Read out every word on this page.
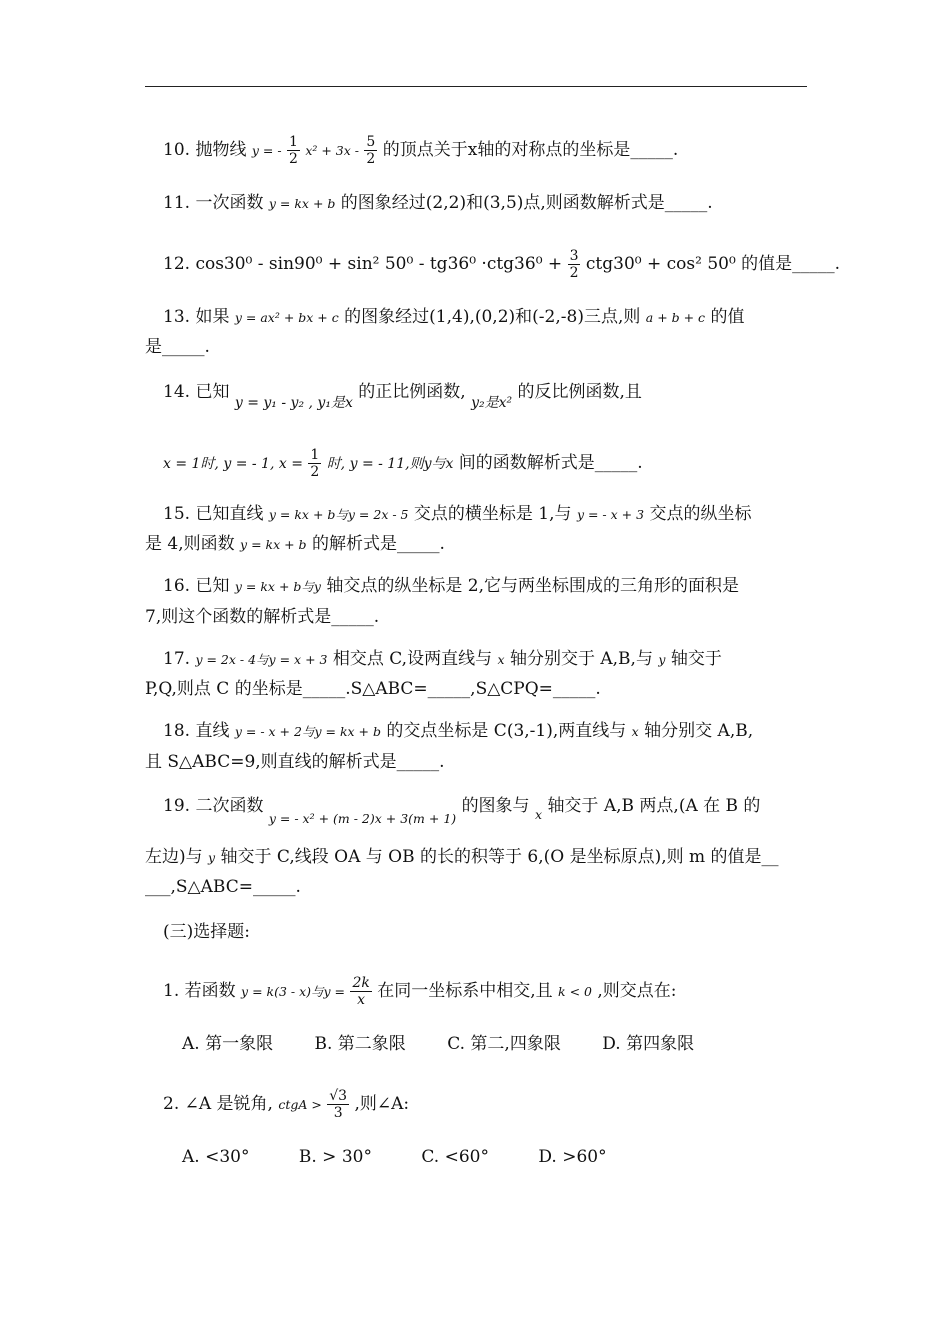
10. 抛物线 y = - $\frac{1}{2} x^2 + 3x - \frac{5}{2}$ 的顶点关于x轴的对称点的坐标是_____.
11. 一次函数 y = kx + b 的图象经过(2,2)和(3,5)点,则函数解析式是_____.
12. cos30⁰ - sin90⁰ + sin² $50^0 - tg36^0 \cdot ctg36^0 + \frac{3}{2} ctg30^0 + \cos^2$ 50⁰ 的值是_____.
13. 如果 y = ax² + bx + c 的图象经过(1,4),(0,2)和(-2,-8)三点,则 a + b + c 的值
是_____.
14. 已知 $_{y = y_1 - y_2 , y_1是x}$ 的正比例函数, $_{y_2是x^2}$ 的反比例函数,且
x = 1时, y = - 1, $x = \frac{1}{2}$ 时, y = - 11,则y与x 间的函数解析式是_____.
15. 已知直线 y = kx + b与y = 2x - 5 交点的横坐标是 1,与 y = - x + 3 交点的纵坐标
是 4,则函数 y = kx + b 的解析式是_____.
16. 已知 y = kx + b与y 轴交点的纵坐标是 2,它与两坐标围成的三角形的面积是
7,则这个函数的解析式是_____.
17. y = 2x - 4与y = x + 3 相交点 C,设两直线与 x 轴分别交于 A,B,与 y 轴交于
P,Q,则点 C 的坐标是_____.S△ABC=_____,S△CPQ=_____.
18. 直线 y = - x + 2与y = kx + b 的交点坐标是 C(3,-1),两直线与 x 轴分别交 A,B,
且 S△ABC=9,则直线的解析式是_____.
19. 二次函数 $_{y = - x^2 + (m - 2)x + 3(m + 1)}$ 的图象与 $_x$ 轴交于 A,B 两点,(A 在 B 的
左边)与 y 轴交于 C,线段 OA 与 OB 的长的积等于 6,(O 是坐标原点),则 m 的值是__
___,S△ABC=_____.
(三)选择题:
1. 若函数 y = k(3 - x)与$y = \frac{2k}{x}$ 在同一坐标系中相交,且 k < 0 ,则交点在:
A. 第一象限 B. 第二象限 C. 第二,四象限 D. 第四象限
2. ∠A 是锐角, ctgA > $\frac{√3}{3}$ ,则∠A:
A. <30°	B. > 30°	C. <60°	D. >60°
